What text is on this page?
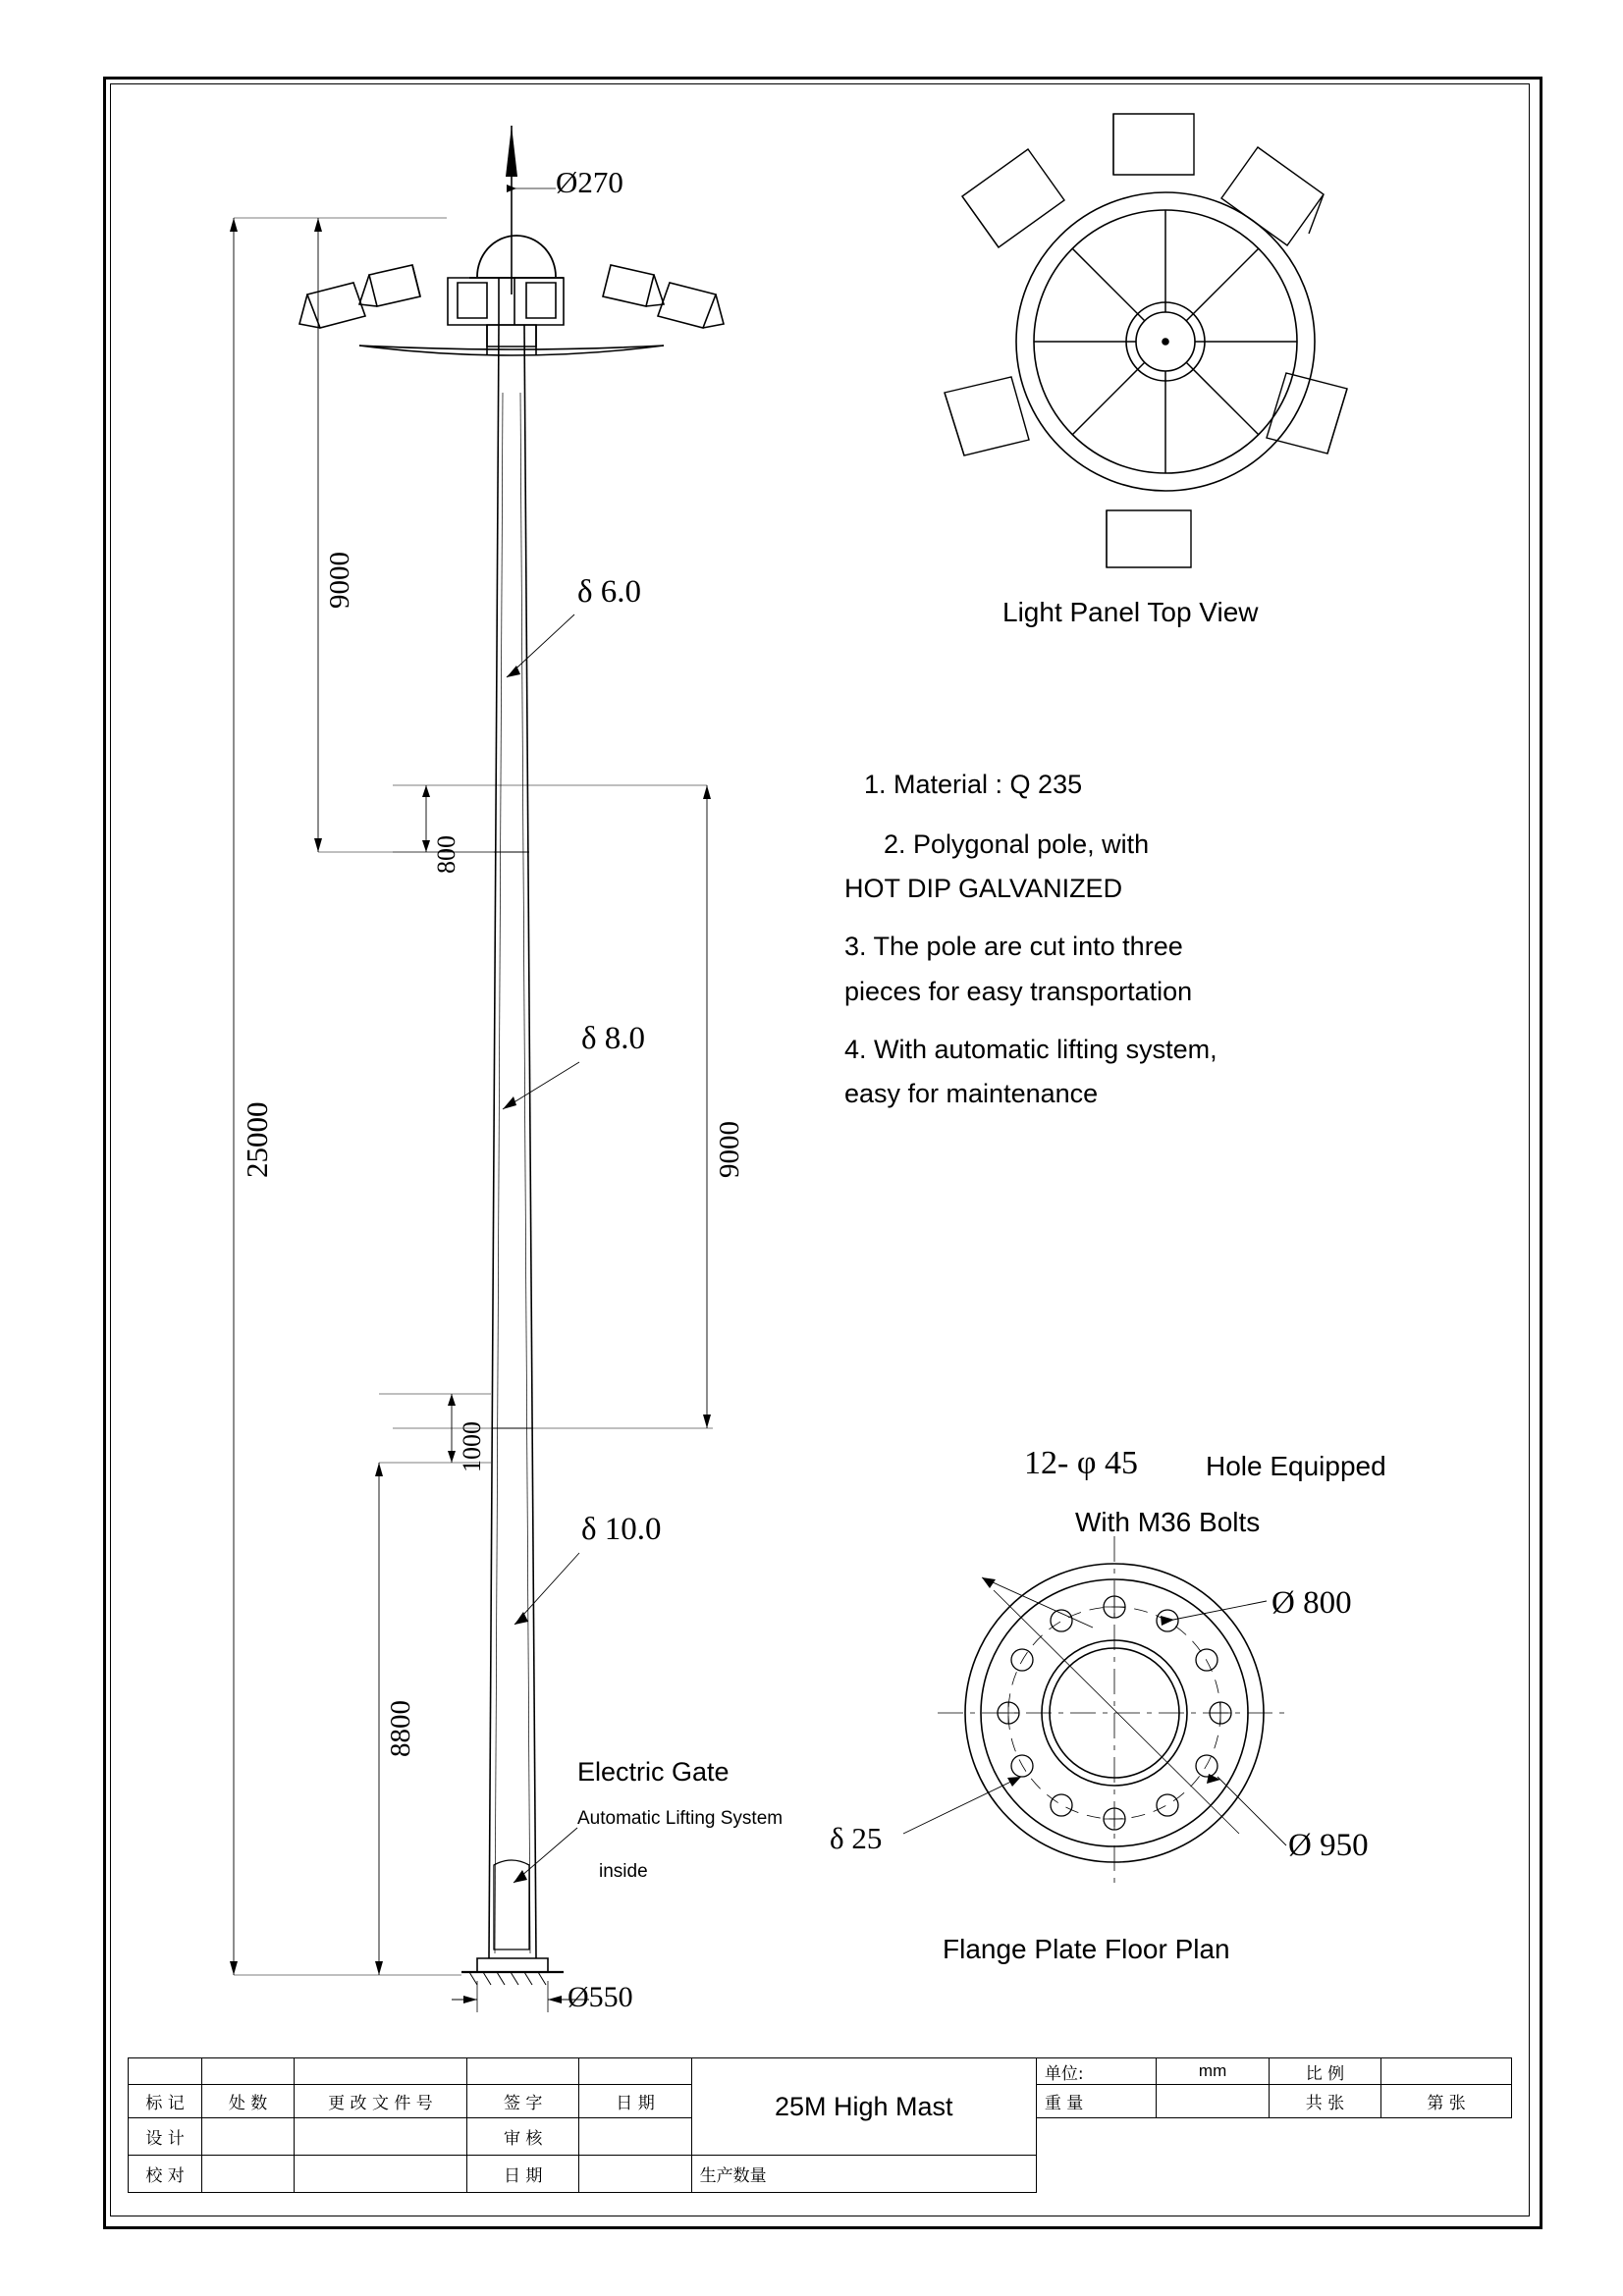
Ø270
9000
800
9000
1000
8800
25000
Ø550
δ 6.0
δ 8.0
δ 10.0
δ 25
Electric Gate
Automatic Lifting System
inside
Light Panel Top View
1. Material : Q 235
2. Polygonal pole, with
HOT DIP GALVANIZED
3. The pole are cut into three
pieces for easy transportation
4. With automatic lifting system,
easy for maintenance
12- φ 45 Hole Equipped
With M36 Bolts
Ø 800
Ø 950
Flange Plate Floor Plan

					25M High Mast	单位:	mm	比 例	
标 记	处 数	更 改 文 件 号	签 字	日 期		重 量		共 张	第 张
设 计			审 核						
校 对			日 期		生产数量				
